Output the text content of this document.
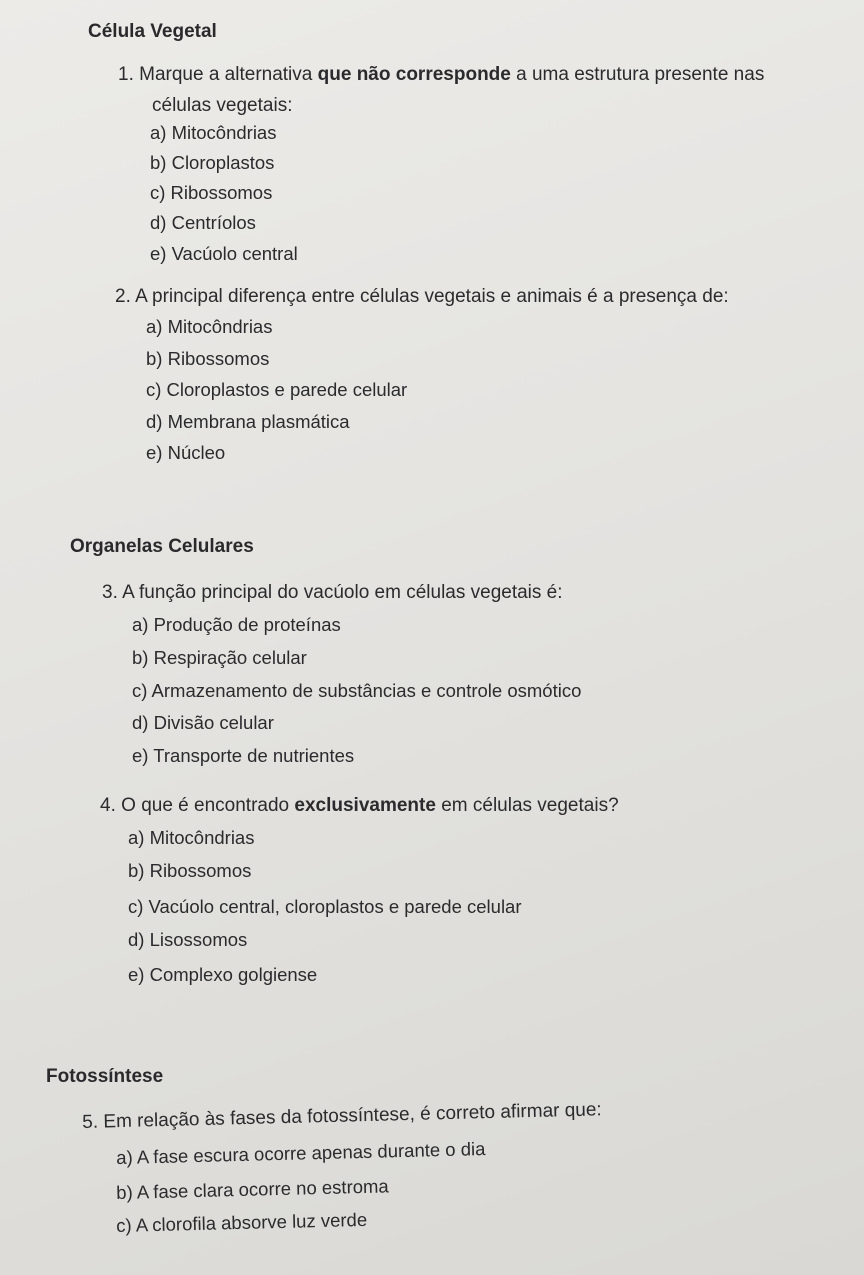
Célula Vegetal
1. Marque a alternativa que não corresponde a uma estrutura presente nas
células vegetais:
a) Mitocôndrias
b) Cloroplastos
c) Ribossomos
d) Centríolos
e) Vacúolo central
2. A principal diferença entre células vegetais e animais é a presença de:
a) Mitocôndrias
b) Ribossomos
c) Cloroplastos e parede celular
d) Membrana plasmática
e) Núcleo
Organelas Celulares
3. A função principal do vacúolo em células vegetais é:
a) Produção de proteínas
b) Respiração celular
c) Armazenamento de substâncias e controle osmótico
d) Divisão celular
e) Transporte de nutrientes
4. O que é encontrado exclusivamente em células vegetais?
a) Mitocôndrias
b) Ribossomos
c) Vacúolo central, cloroplastos e parede celular
d) Lisossomos
e) Complexo golgiense
Fotossíntese
5. Em relação às fases da fotossíntese, é correto afirmar que:
a) A fase escura ocorre apenas durante o dia
b) A fase clara ocorre no estroma
c) A clorofila absorve luz verde
